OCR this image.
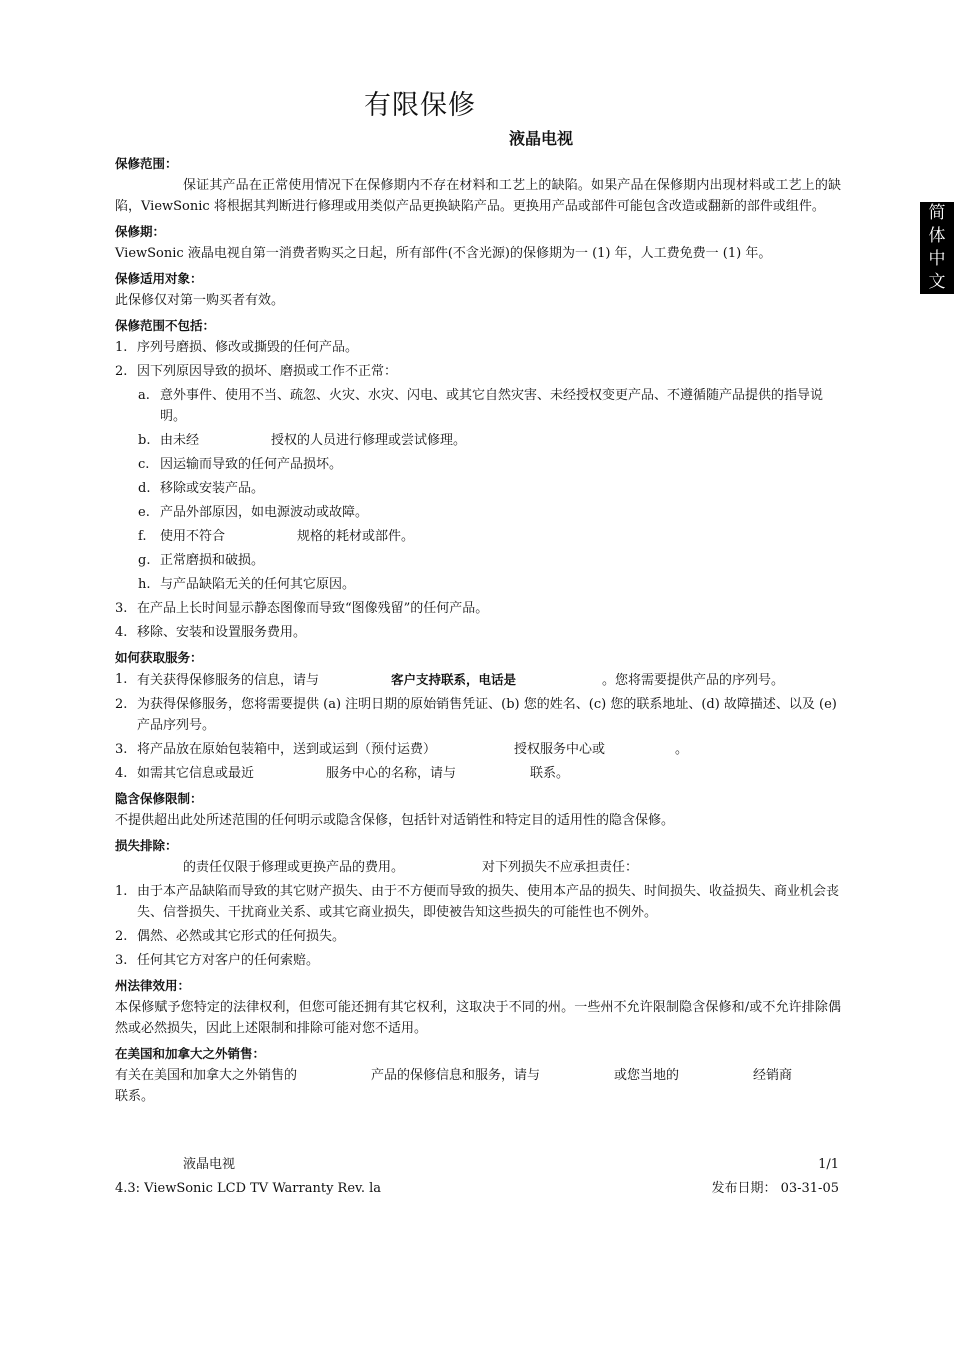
有限保修
液晶电视
简
体
中
文
保修范围：

保证其产品在正常使用情况下在保修期内不存在材料和工艺上的缺陷。如果产品在保修期内出现材料或工艺上的缺陷，ViewSonic 将根据其判断进行修理或用类似产品更换缺陷产品。更换用产品或部件可能包含改造或翻新的部件或组件。

保修期：

ViewSonic 液晶电视自第一消费者购买之日起，所有部件(不含光源)的保修期为一 (1) 年，人工费免费一 (1) 年。

保修适用对象：

此保修仅对第一购买者有效。

保修范围不包括：
1. 序列号磨损、修改或撕毁的任何产品。
2. 因下列原因导致的损坏、磨损或工作不正常：
a. 意外事件、使用不当、疏忽、火灾、水灾、闪电、或其它自然灾害、未经授权变更产品、不遵循随产品提供的指导说明。
b. 由未经	授权的人员进行修理或尝试修理。
c. 因运输而导致的任何产品损坏。
d. 移除或安装产品。
e. 产品外部原因，如电源波动或故障。
f.	使用不符合	规格的耗材或部件。
g. 正常磨损和破损。
h. 与产品缺陷无关的任何其它原因。
3. 在产品上长时间显示静态图像而导致“图像残留”的任何产品。
4. 移除、安装和设置服务费用。
如何获取服务：
1. 有关获得保修服务的信息，请与	客户支持联系，电话是	。您将需要提供产品的序列号。
2. 为获得保修服务，您将需要提供 (a) 注明日期的原始销售凭证、(b) 您的姓名、(c) 您的联系地址、(d) 故障描述、以及 (e) 产品序列号。
3. 将产品放在原始包装箱中，送到或运到（预付运费）	授权服务中心或	。
4. 如需其它信息或最近	服务中心的名称，请与	联系。
隐含保修限制：

不提供超出此处所述范围的任何明示或隐含保修，包括针对适销性和特定目的适用性的隐含保修。

损失排除：

的责任仅限于修理或更换产品的费用。	对下列损失不应承担责任：

1. 由于本产品缺陷而导致的其它财产损失、由于不方便而导致的损失、使用本产品的损失、时间损失、收益损失、商业机会丧失、信誉损失、干扰商业关系、或其它商业损失，即使被告知这些损失的可能性也不例外。
2. 偶然、必然或其它形式的任何损失。
3. 任何其它方对客户的任何索赔。
州法律效用：

本保修赋予您特定的法律权利，但您可能还拥有其它权利，这取决于不同的州。一些州不允许限制隐含保修和/或不允许排除偶然或必然损失，因此上述限制和排除可能对您不适用。

在美国和加拿大之外销售：

有关在美国和加拿大之外销售的	产品的保修信息和服务，请与	或您当地的	经销商
联系。

液晶电视	1/1
4.3: ViewSonic LCD TV Warranty Rev. la	发布日期： 03-31-05
